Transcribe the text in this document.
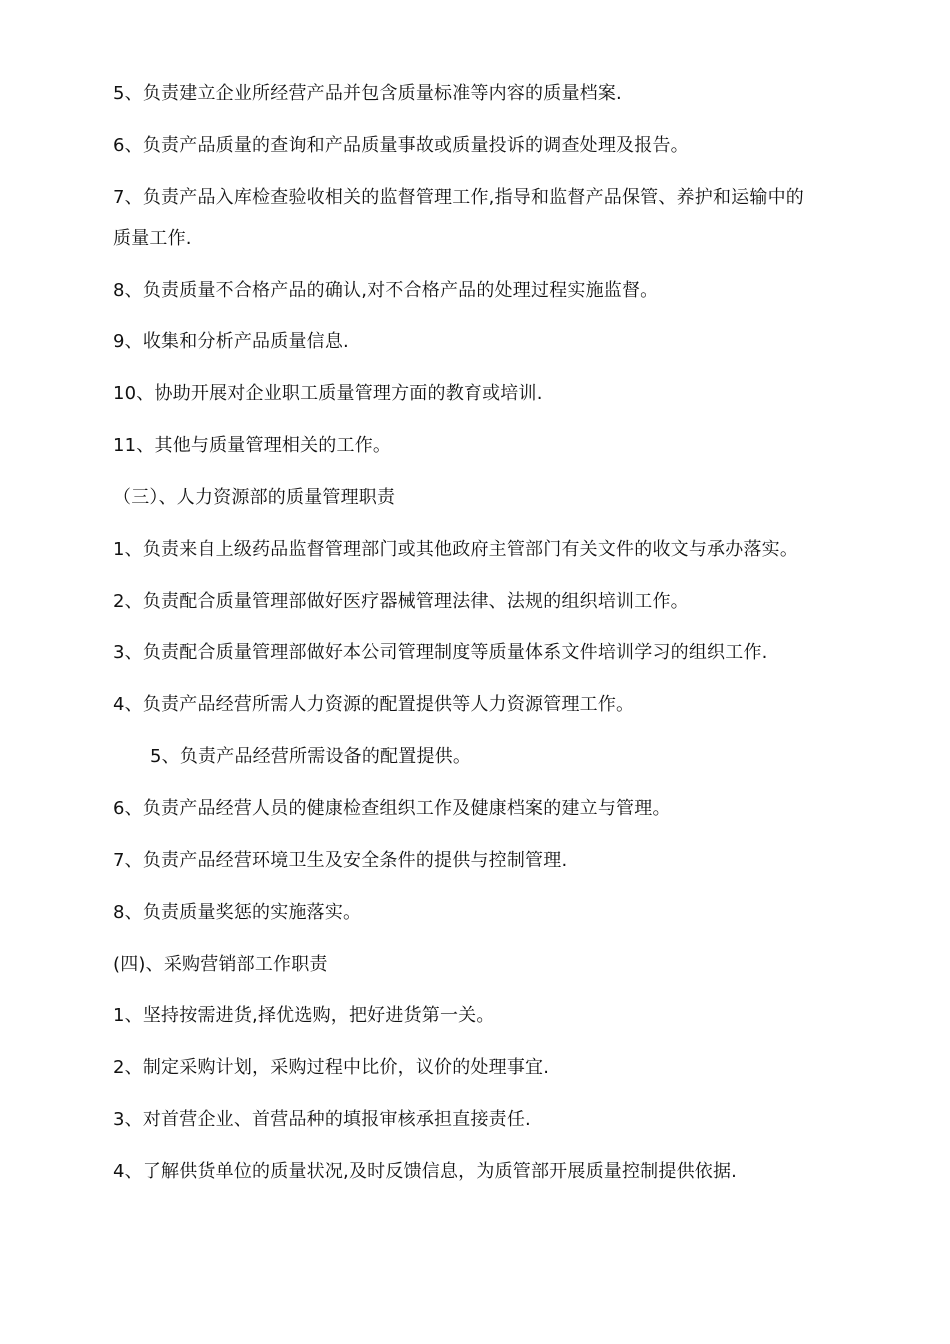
5、负责建立企业所经营产品并包含质量标准等内容的质量档案.
6、负责产品质量的查询和产品质量事故或质量投诉的调查处理及报告。
7、负责产品入库检查验收相关的监督管理工作,指导和监督产品保管、养护和运输中的
质量工作.
8、负责质量不合格产品的确认,对不合格产品的处理过程实施监督。
9、收集和分析产品质量信息.
10、协助开展对企业职工质量管理方面的教育或培训.
11、其他与质量管理相关的工作。
（三）、人力资源部的质量管理职责
1、负责来自上级药品监督管理部门或其他政府主管部门有关文件的收文与承办落实。
2、负责配合质量管理部做好医疗器械管理法律、法规的组织培训工作。
3、负责配合质量管理部做好本公司管理制度等质量体系文件培训学习的组织工作.
4、负责产品经营所需人力资源的配置提供等人力资源管理工作。
5、负责产品经营所需设备的配置提供。
6、负责产品经营人员的健康检查组织工作及健康档案的建立与管理。
7、负责产品经营环境卫生及安全条件的提供与控制管理.
8、负责质量奖惩的实施落实。
(四)、采购营销部工作职责
1、坚持按需进货,择优选购，把好进货第一关。
2、制定采购计划，采购过程中比价，议价的处理事宜.
3、对首营企业、首营品种的填报审核承担直接责任.
4、了解供货单位的质量状况,及时反馈信息，为质管部开展质量控制提供依据.
